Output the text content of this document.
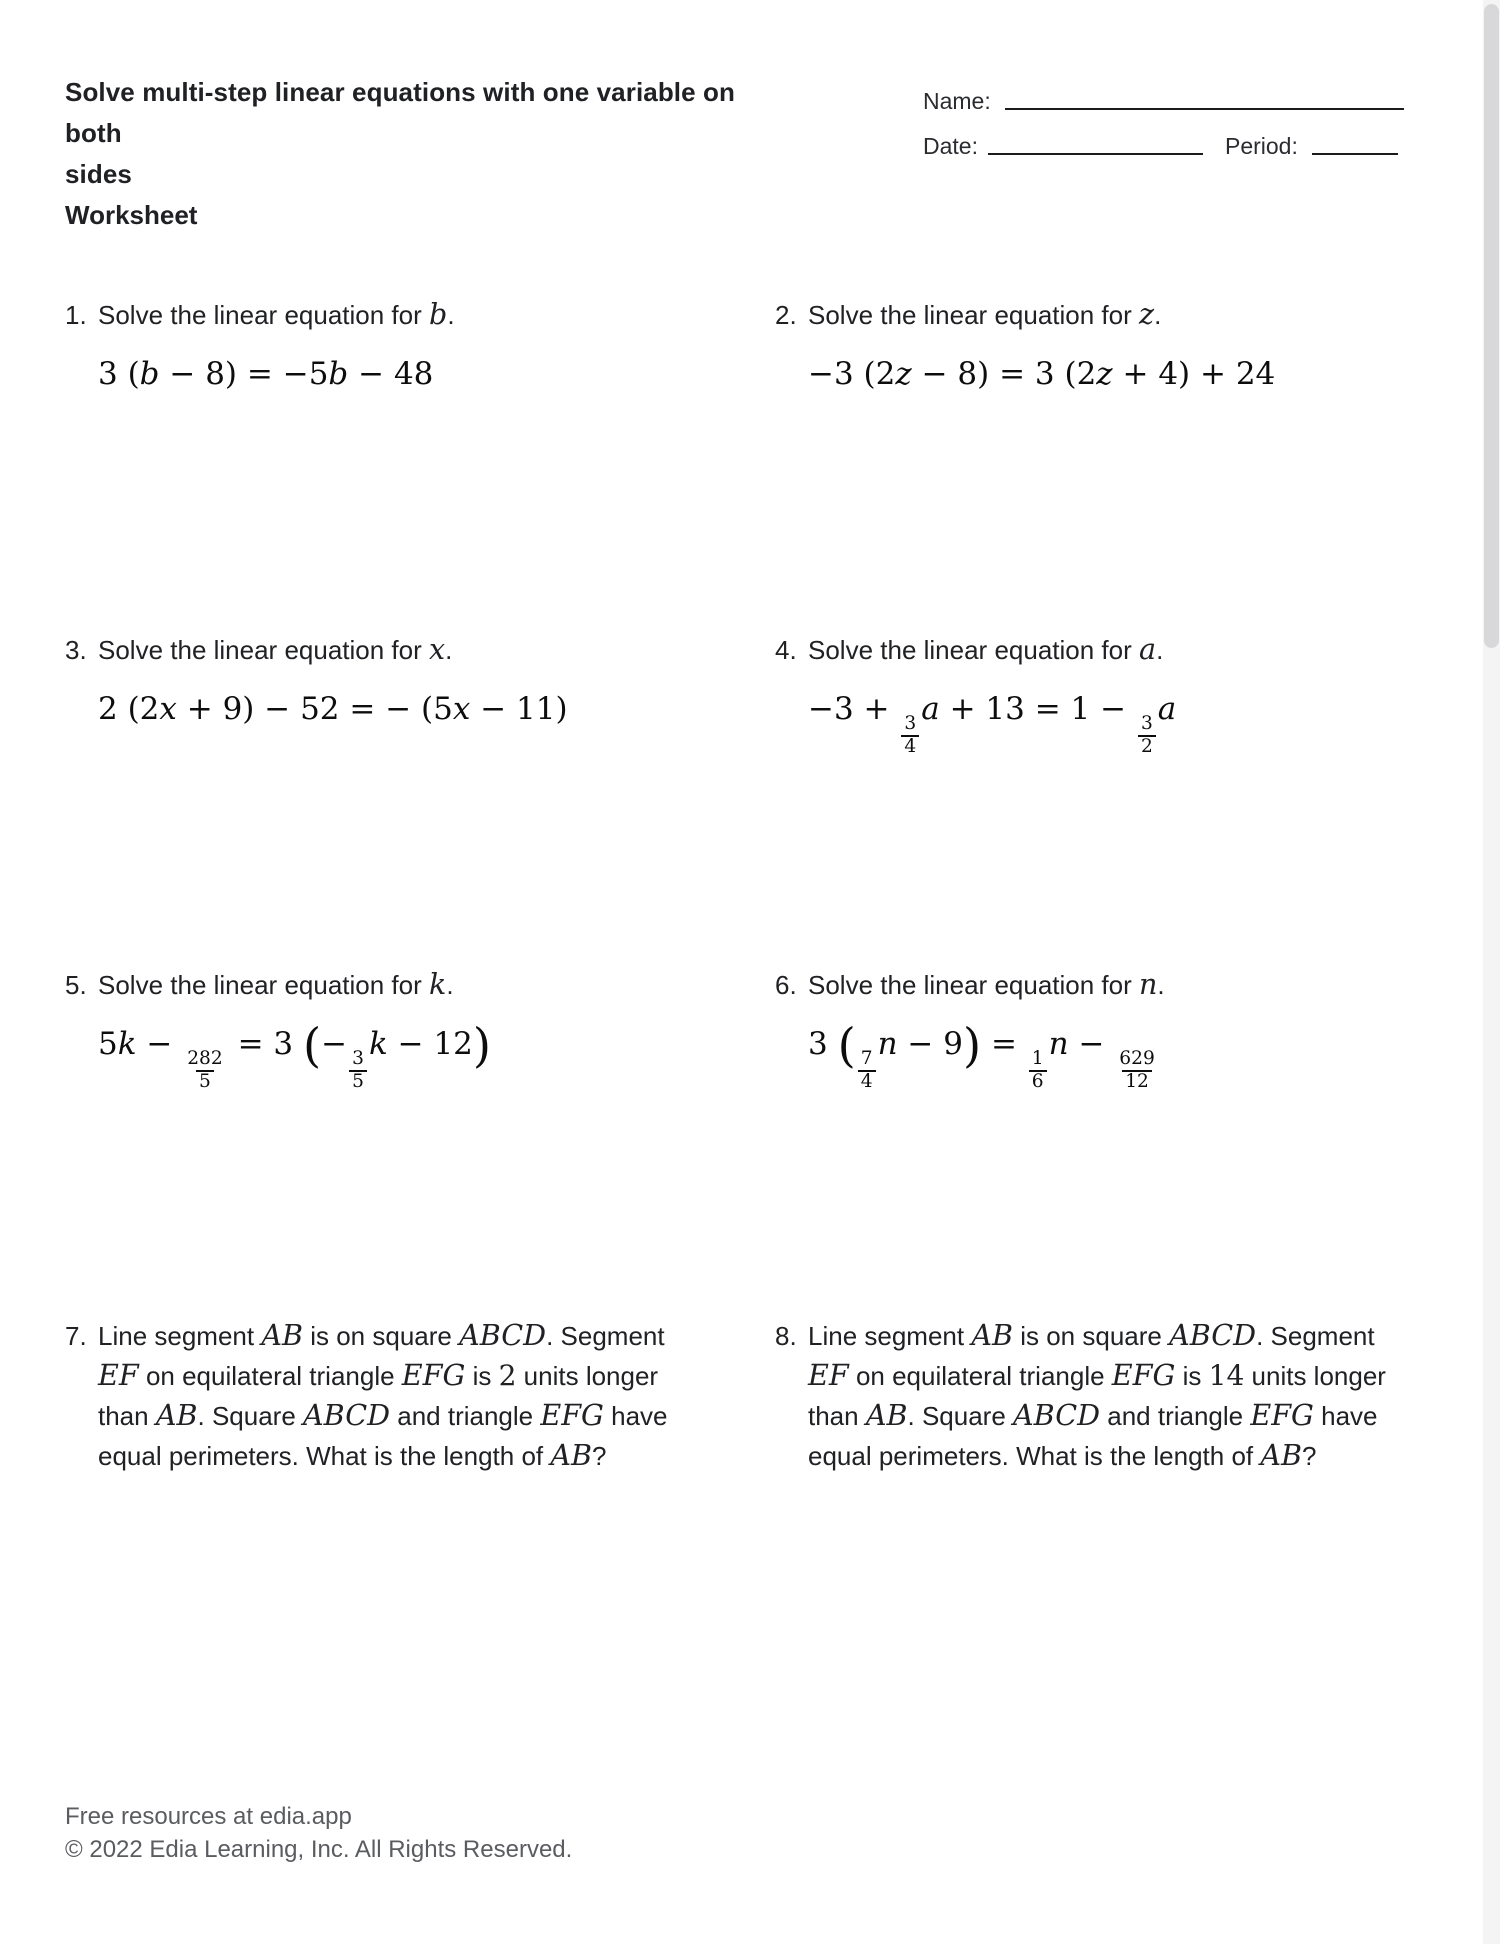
Solve multi-step linear equations with one variable on both
sides
Worksheet
Name:
Date:	Period:
1. Solve the linear equation for b.
3 (b − 8) = −5b − 48
2. Solve the linear equation for z.
−3 (2z − 8) = 3 (2z + 4) + 24
3. Solve the linear equation for x.
2 (2x + 9) − 52 = − (5x − 11)
4. Solve the linear equation for a.
−3 +
$\frac{3}{4}$
a + 13 = 1 −
$\frac{3}{2}$
a
5. Solve the linear equation for k.
5k −
$\frac{282}{5}$
= 3 (−
$\frac{3}{5}$
k − 12)
6. Solve the linear equation for n.
3 ( $\frac{7}{4}$
n − 9) =
$\frac{1}{6}$
n −
$\frac{629}{12}$
7. Line segment AB is on square ABCD. Segment EF on equilateral triangle EFG is 2 units longer than AB. Square ABCD and triangle EFG have equal perimeters. What is the length of AB?
8. Line segment AB is on square ABCD. Segment EF on equilateral triangle EFG is 14 units longer than AB. Square ABCD and triangle EFG have equal perimeters. What is the length of AB?
Free resources at edia.app
© 2022 Edia Learning, Inc. All Rights Reserved.
